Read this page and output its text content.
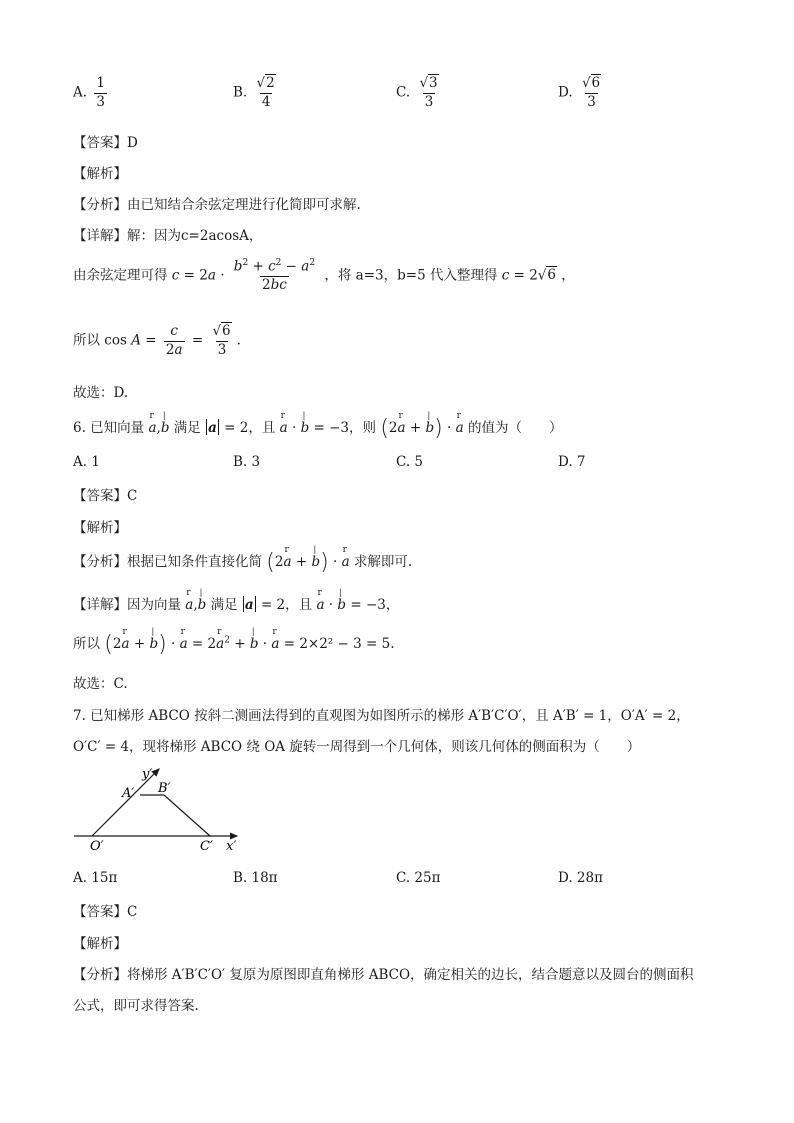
A. $\frac{1}{3}$	B. $\frac{√2}{4}$	C. $\frac{√3}{3}$	D. $\frac{√6}{3}$
【答案】D
【解析】
【分析】由已知结合余弦定理进行化简即可求解.
【详解】解：因为c=2acosA，
由余弦定理可得 $c = 2a \cdot \frac{b^2 + c^2 - a^2}{2bc}$ ，将 a=3，b=5 代入整理得 c = 2√6 ，
所以 $\cos A = \frac{c}{2a} = \frac{√6}{3}$ .
故选：D.
6. 已知向量 r a,| b 满足 a = 2，且 r a · | b = −3，则 (2r a + | b) · r a 的值为（　　）
A. 1	B. 3	C. 5	D. 7
【答案】C
【解析】
【分析】根据已知条件直接化简 (2r a + | b) · r a 求解即可.
【详解】因为向量 r a,| b 满足 a = 2，且 r a · | b = −3，
所以 (2r a + | b) · r a = 2r $a^2$ + | b · r a = 2×2² − 3 = 5.
故选：C.
7. 已知梯形 ABCO 按斜二测画法得到的直观图为如图所示的梯形 A′B′C′O′，且 A′B′ = 1，O′A′ = 2，
O′C′ = 4，现将梯形 ABCO 绕 OA 旋转一周得到一个几何体，则该几何体的侧面积为（　　）
y′
A′ B′
O′	C′ x′
A. 15π	B. 18π	C. 25π	D. 28π
【答案】C
【解析】
【分析】将梯形 A′B′C′O′ 复原为原图即直角梯形 ABCO，确定相关的边长，结合题意以及圆台的侧面积
公式，即可求得答案.
